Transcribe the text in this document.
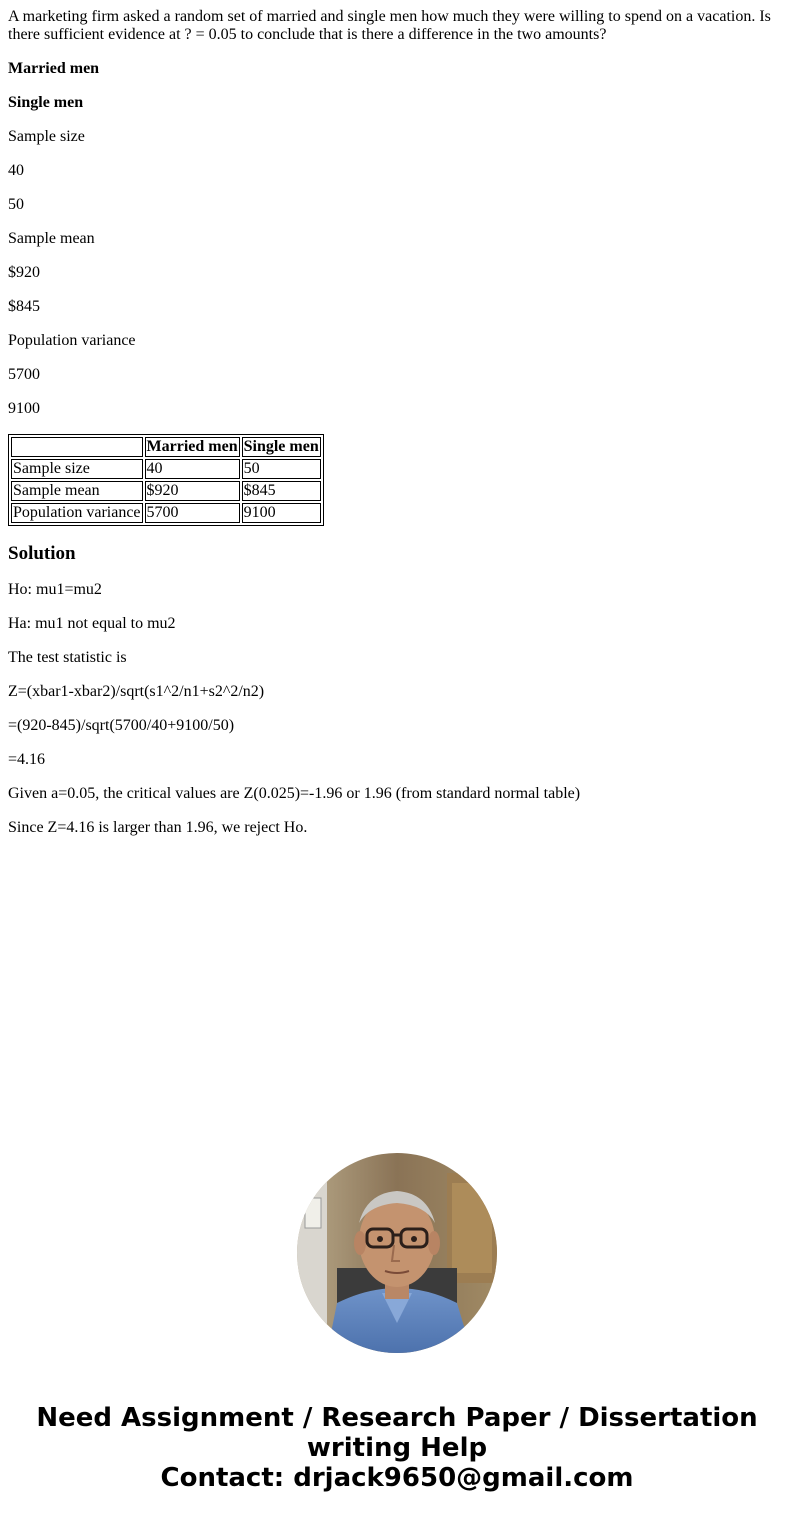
A marketing firm asked a random set of married and single men how much they were willing to spend on a vacation. Is there sufficient evidence at ? = 0.05 to conclude that is there a difference in the two amounts?

Married men

Single men

Sample size

40

50

Sample mean

$920

$845

Population variance

5700

9100

	Married men	Single men
Sample size	40	50
Sample mean	$920	$845
Population variance	5700	9100
Solution

Ho: mu1=mu2

Ha: mu1 not equal to mu2

The test statistic is

Z=(xbar1-xbar2)/sqrt(s1^2/n1+s2^2/n2)

=(920-845)/sqrt(5700/40+9100/50)

=4.16

Given a=0.05, the critical values are Z(0.025)=-1.96 or 1.96 (from standard normal table)

Since Z=4.16 is larger than 1.96, we reject Ho.

Need Assignment / Research Paper / Dissertation
writing Help
Contact: drjack9650@gmail.com
